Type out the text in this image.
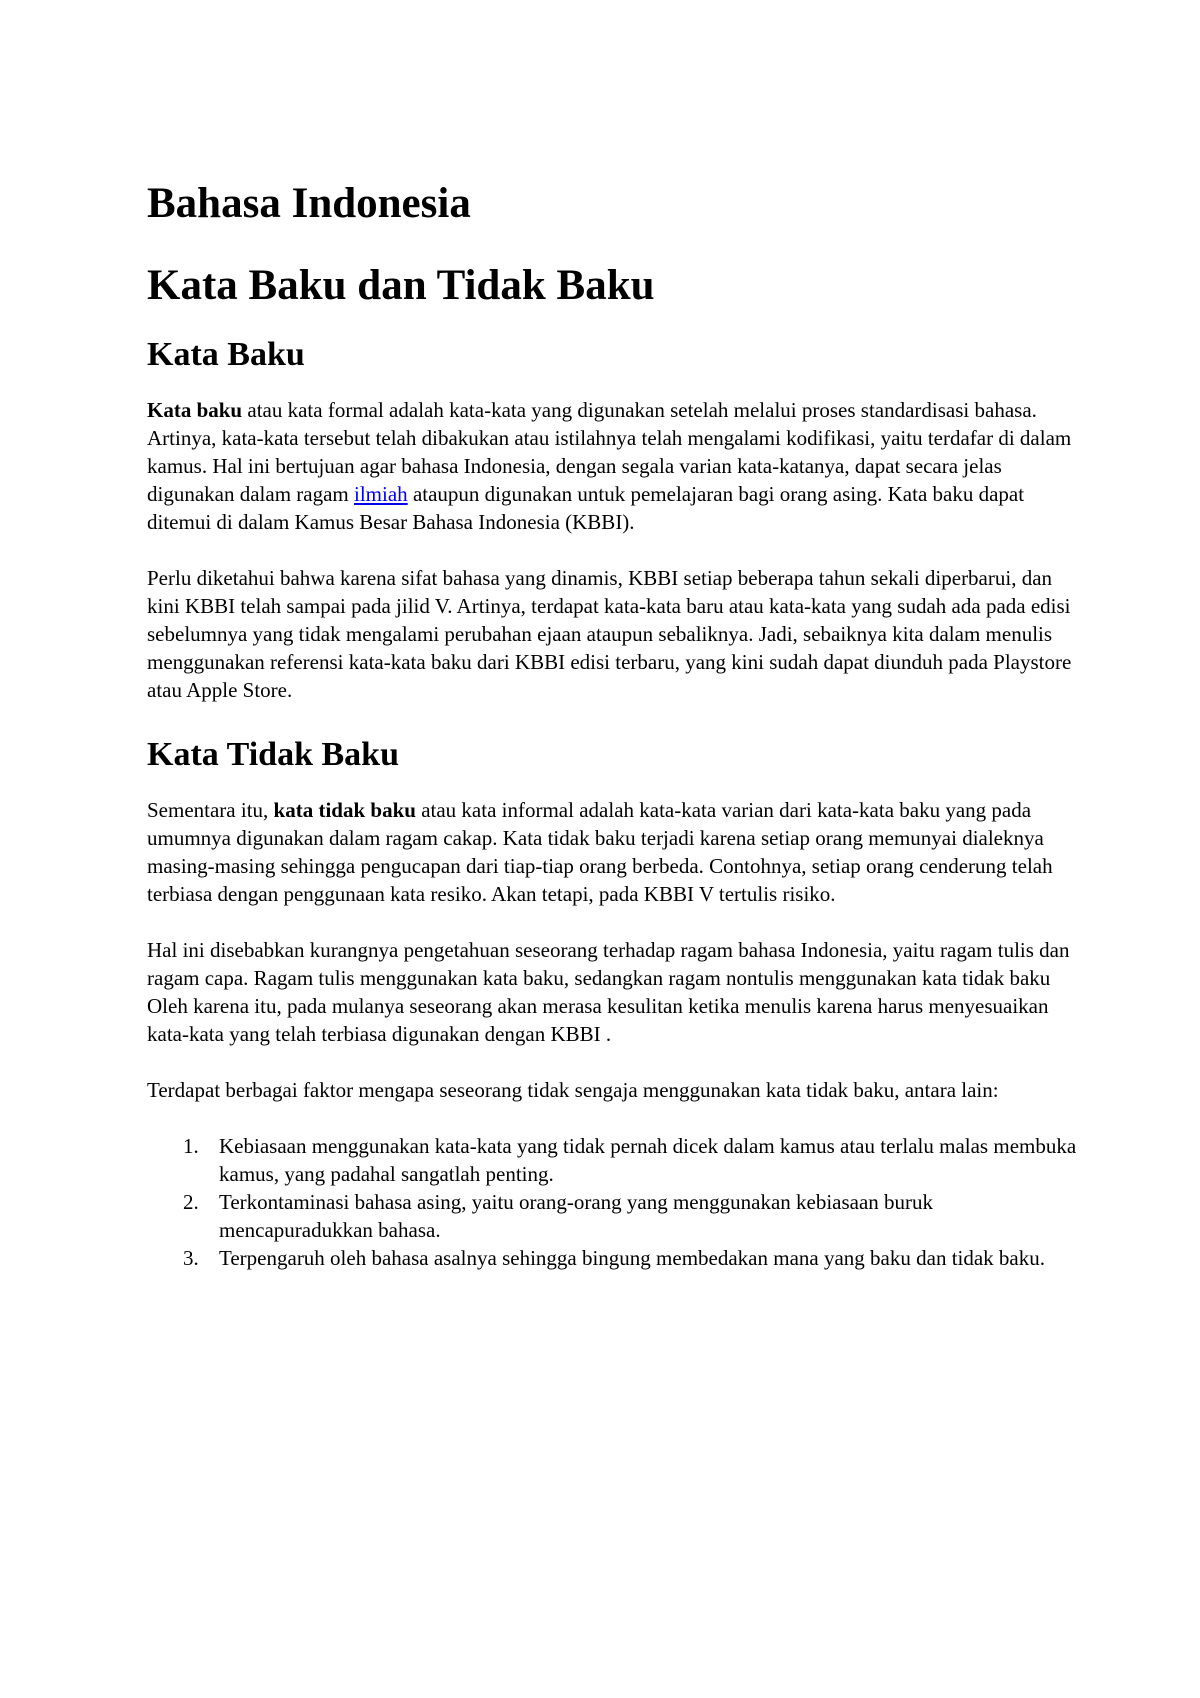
Bahasa Indonesia
Kata Baku dan Tidak Baku
Kata Baku

Kata baku atau kata formal adalah kata-kata yang digunakan setelah melalui proses standardisasi bahasa. Artinya, kata-kata tersebut telah dibakukan atau istilahnya telah mengalami kodifikasi, yaitu terdafar di dalam kamus. Hal ini bertujuan agar bahasa Indonesia, dengan segala varian kata-katanya, dapat secara jelas digunakan dalam ragam ilmiah ataupun digunakan untuk pemelajaran bagi orang asing. Kata baku dapat ditemui di dalam Kamus Besar Bahasa Indonesia (KBBI).

Perlu diketahui bahwa karena sifat bahasa yang dinamis, KBBI setiap beberapa tahun sekali diperbarui, dan kini KBBI telah sampai pada jilid V. Artinya, terdapat kata-kata baru atau kata-kata yang sudah ada pada edisi sebelumnya yang tidak mengalami perubahan ejaan ataupun sebaliknya. Jadi, sebaiknya kita dalam menulis menggunakan referensi kata-kata baku dari KBBI edisi terbaru, yang kini sudah dapat diunduh pada Playstore atau Apple Store.

Kata Tidak Baku

Sementara itu, kata tidak baku atau kata informal adalah kata-kata varian dari kata-kata baku yang pada umumnya digunakan dalam ragam cakap. Kata tidak baku terjadi karena setiap orang memunyai dialeknya masing-masing sehingga pengucapan dari tiap-tiap orang berbeda. Contohnya, setiap orang cenderung telah terbiasa dengan penggunaan kata resiko. Akan tetapi, pada KBBI V tertulis risiko.

Hal ini disebabkan kurangnya pengetahuan seseorang terhadap ragam bahasa Indonesia, yaitu ragam tulis dan ragam capa. Ragam tulis menggunakan kata baku, sedangkan ragam nontulis menggunakan kata tidak baku Oleh karena itu, pada mulanya seseorang akan merasa kesulitan ketika menulis karena harus menyesuaikan kata-kata yang telah terbiasa digunakan dengan KBBI .

Terdapat berbagai faktor mengapa seseorang tidak sengaja menggunakan kata tidak baku, antara lain:

1. Kebiasaan menggunakan kata-kata yang tidak pernah dicek dalam kamus atau terlalu malas membuka kamus, yang padahal sangatlah penting.
2. Terkontaminasi bahasa asing, yaitu orang-orang yang menggunakan kebiasaan buruk mencapuradukkan bahasa.
3. Terpengaruh oleh bahasa asalnya sehingga bingung membedakan mana yang baku dan tidak baku.
